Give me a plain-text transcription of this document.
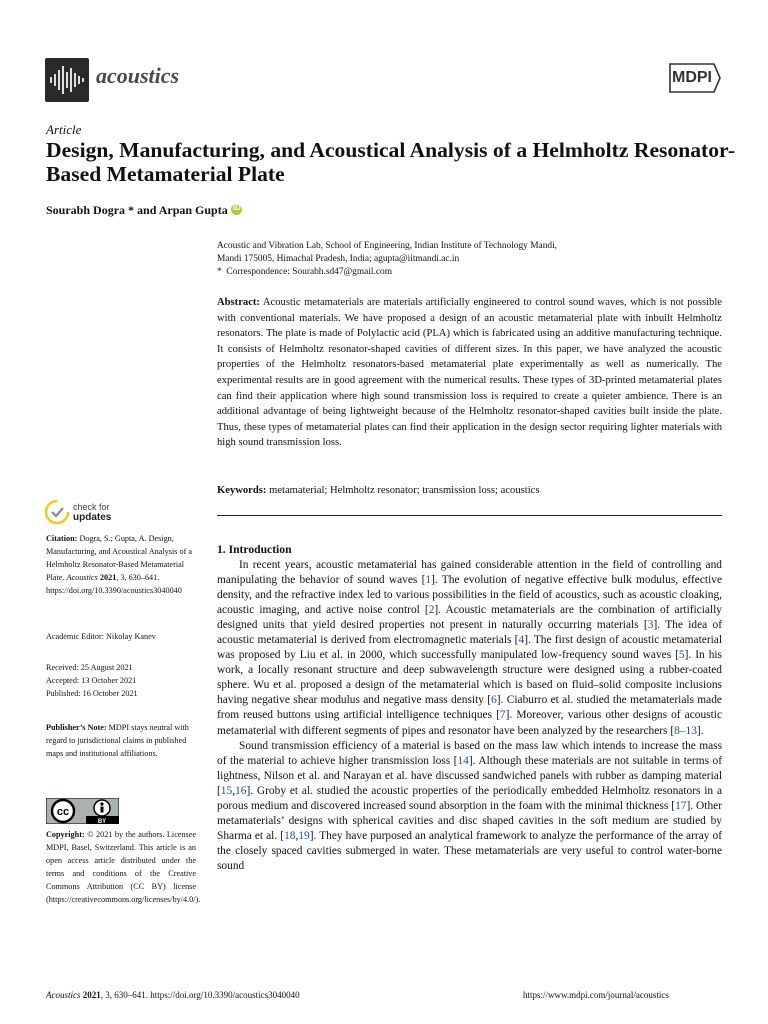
acoustics	MDPI
Article
Design, Manufacturing, and Acoustical Analysis of a Helmholtz Resonator-Based Metamaterial Plate
Sourabh Dogra * and Arpan Gupta iD
Acoustic and Vibration Lab, School of Engineering, Indian Institute of Technology Mandi,
Mandi 175005, Himachal Pradesh, India; agupta@iitmandi.ac.in
*  Correspondence: Sourabh.sd47@gmail.com
Abstract: Acoustic metamaterials are materials artificially engineered to control sound waves, which is not possible with conventional materials. We have proposed a design of an acoustic metamaterial plate with inbuilt Helmholtz resonators. The plate is made of Polylactic acid (PLA) which is fabricated using an additive manufacturing technique. It consists of Helmholtz resonator-shaped cavities of different sizes. In this paper, we have analyzed the acoustic properties of the Helmholtz resonators-based metamaterial plate experimentally as well as numerically. The experimental results are in good agreement with the numerical results. These types of 3D-printed metamaterial plates can find their application where high sound transmission loss is required to create a quieter ambience. There is an additional advantage of being lightweight because of the Helmholtz resonator-shaped cavities built inside the plate. Thus, these types of metamaterial plates can find their application in the design sector requiring lighter materials with high sound transmission loss.
Keywords: metamaterial; Helmholtz resonator; transmission loss; acoustics
check for
updates
Citation: Dogra, S.; Gupta, A. Design, Manufacturing, and Acoustical Analysis of a Helmholtz Resonator-Based Metamaterial Plate. Acoustics 2021, 3, 630–641. https://doi.org/10.3390/acoustics3040040
Academic Editor: Nikolay Kanev
Received: 25 August 2021
Accepted: 13 October 2021
Published: 16 October 2021
Publisher’s Note: MDPI stays neutral with regard to jurisdictional claims in published maps and institutional affiliations.
cc
BY
Copyright: © 2021 by the authors. Licensee MDPI, Basel, Switzerland. This article is an open access article distributed under the terms and conditions of the Creative Commons Attribution (CC BY) license (https://creativecommons.org/licenses/by/4.0/).
1. Introduction

In recent years, acoustic metamaterial has gained considerable attention in the field of controlling and manipulating the behavior of sound waves [1]. The evolution of negative effective bulk modulus, effective density, and the refractive index led to various possibilities in the field of acoustics, such as acoustic cloaking, acoustic imaging, and active noise control [2]. Acoustic metamaterials are the combination of artificially designed units that yield desired properties not present in naturally occurring materials [3]. The idea of acoustic metamaterial is derived from electromagnetic materials [4]. The first design of acoustic metamaterial was proposed by Liu et al. in 2000, which successfully manipulated low-frequency sound waves [5]. In his work, a locally resonant structure and deep subwavelength structure were designed using a rubber-coated sphere. Wu et al. proposed a design of the metamaterial which is based on fluid–solid composite inclusions having negative shear modulus and negative mass density [6]. Ciaburro et al. studied the metamaterials made from reused buttons using artificial intelligence techniques [7]. Moreover, various other designs of acoustic metamaterial with different segments of pipes and resonator have been analyzed by the researchers [8–13].

Sound transmission efficiency of a material is based on the mass law which intends to increase the mass of the material to achieve higher transmission loss [14]. Although these materials are not suitable in terms of lightness, Nilson et al. and Narayan et al. have discussed sandwiched panels with rubber as damping material [15,16]. Groby et al. studied the acoustic properties of the periodically embedded Helmholtz resonators in a porous medium and discovered increased sound absorption in the foam with the minimal thickness [17]. Other metamaterials’ designs with spherical cavities and disc shaped cavities in the soft medium are studied by Sharma et al. [18,19]. They have purposed an analytical framework to analyze the performance of the array of the closely spaced cavities submerged in water. These metamaterials are very useful to control water-borne sound

Acoustics 2021, 3, 630–641. https://doi.org/10.3390/acoustics3040040	https://www.mdpi.com/journal/acoustics
